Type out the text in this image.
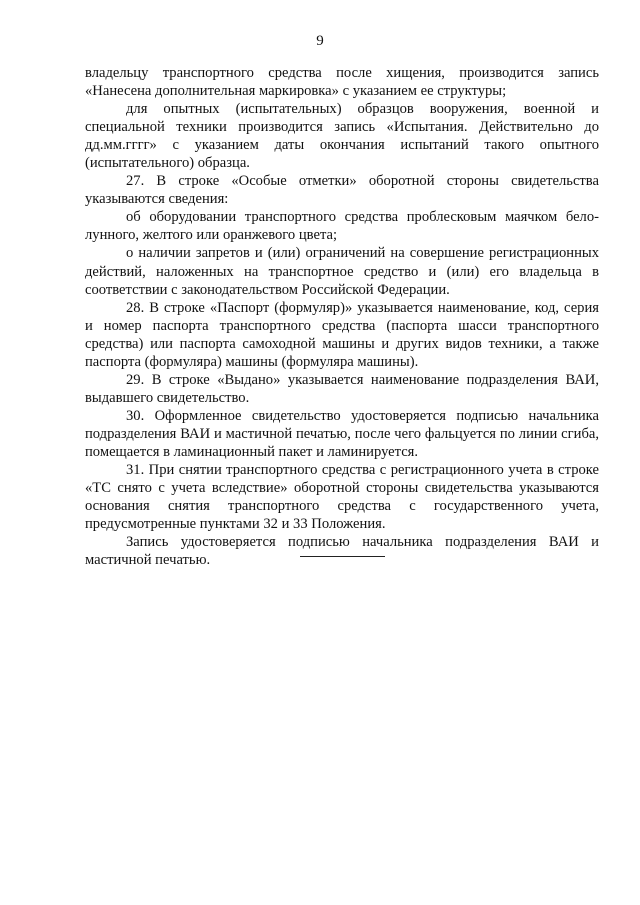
9

владельцу транспортного средства после хищения, производится запись «Нанесена дополнительная маркировка» с указанием ее структуры;

для опытных (испытательных) образцов вооружения, военной и специальной техники производится запись «Испытания. Действительно до дд.мм.гггг» с указанием даты окончания испытаний такого опытного (испытательного) образца.

27. В строке «Особые отметки» оборотной стороны свидетельства указываются сведения:

об оборудовании транспортного средства проблесковым маячком бело-лунного, желтого или оранжевого цвета;

о наличии запретов и (или) ограничений на совершение регистрационных действий, наложенных на транспортное средство и (или) его владельца в соответствии с законодательством Российской Федерации.

28. В строке «Паспорт (формуляр)» указывается наименование, код, серия и номер паспорта транспортного средства (паспорта шасси транспортного средства) или паспорта самоходной машины и других видов техники, а также паспорта (формуляра) машины (формуляра машины).

29. В строке «Выдано» указывается наименование подразделения ВАИ, выдавшего свидетельство.

30. Оформленное свидетельство удостоверяется подписью начальника подразделения ВАИ и мастичной печатью, после чего фальцуется по линии сгиба, помещается в ламинационный пакет и ламинируется.

31. При снятии транспортного средства с регистрационного учета в строке «ТС снято с учета вследствие» оборотной стороны свидетельства указываются основания снятия транспортного средства с государственного учета, предусмотренные пунктами 32 и 33 Положения.

Запись удостоверяется подписью начальника подразделения ВАИ и мастичной печатью.
